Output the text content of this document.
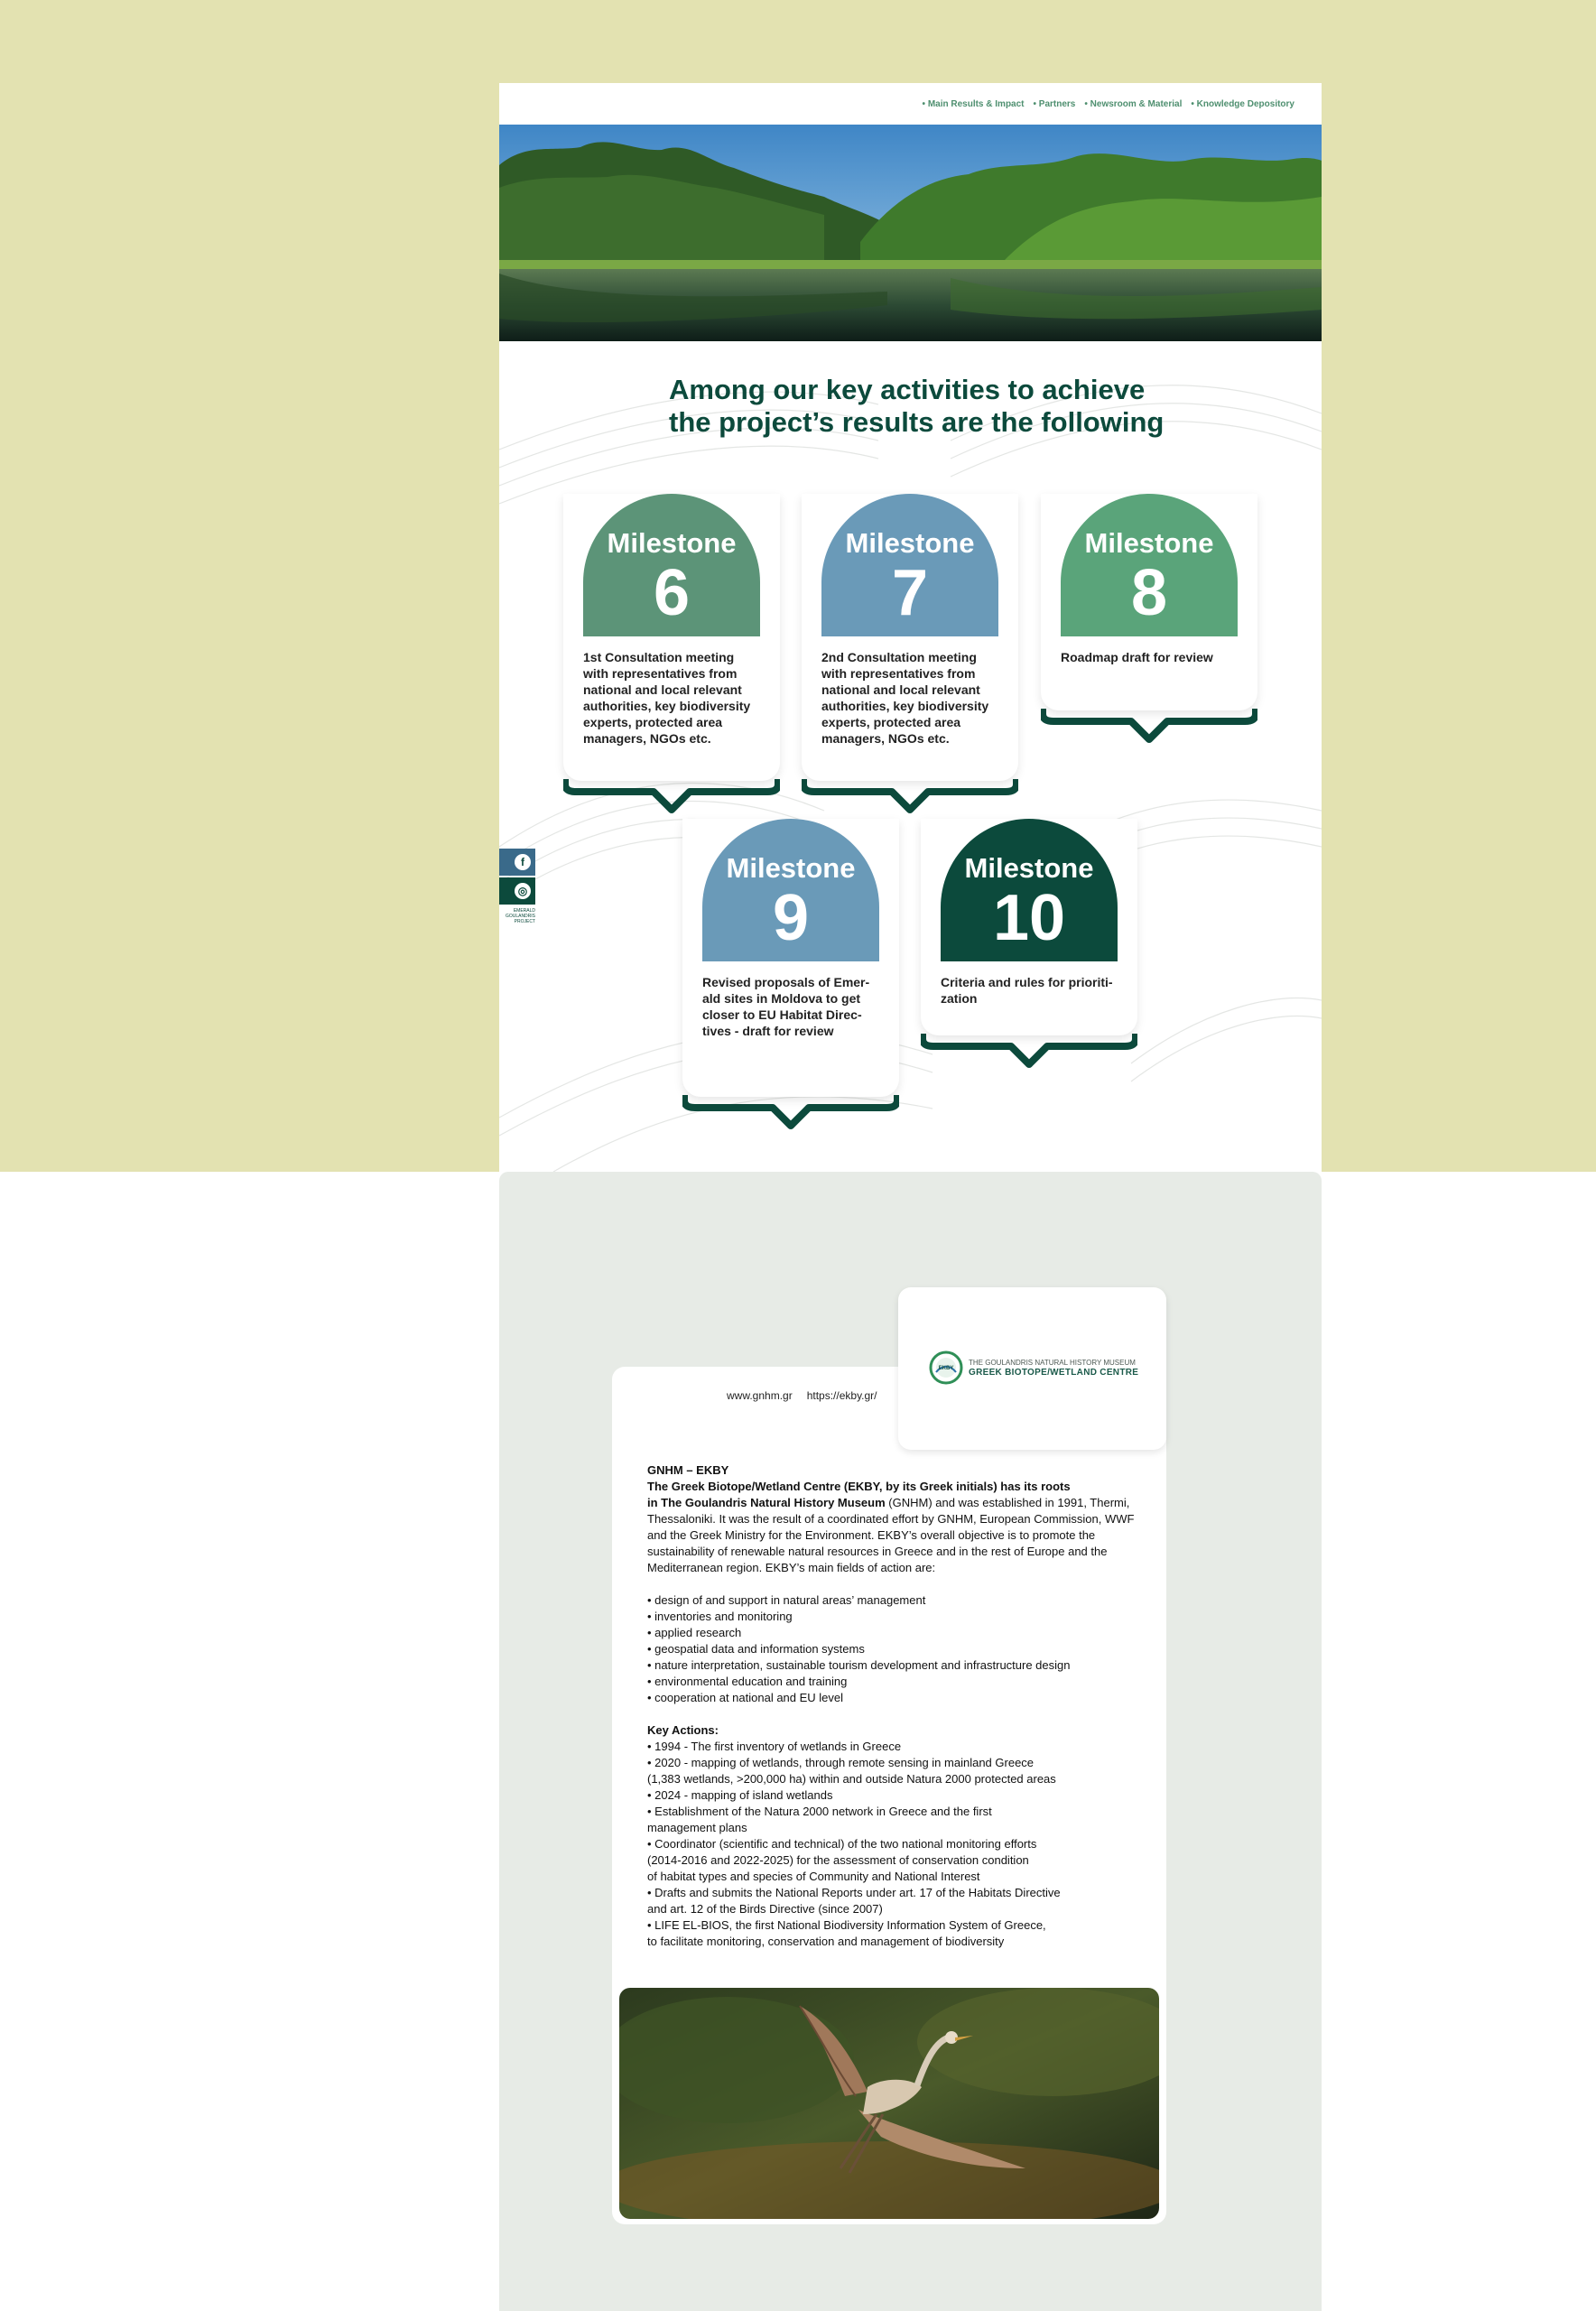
• Main Results & Impact	• Partners	• Newsroom & Material	• Knowledge Depository
Among our key activities to achieve
the project’s results are the following
Milestone
6
1st Consultation meeting
with representatives from
national and local relevant
authorities, key biodiversity
experts, protected area
managers, NGOs etc.
Milestone
7
2nd Consultation meeting
with representatives from
national and local relevant
authorities, key biodiversity
experts, protected area
managers, NGOs etc.
Milestone
8
Roadmap draft for review
Milestone
9
Revised proposals of Emer-
ald sites in Moldova to get
closer to EU Habitat Direc-
tives - draft for review
Milestone
10
Criteria and rules for prioriti-
zation
f
◎
EMERALD
GOULANDRIS
PROJECT
www.gnhm.gr https://ekby.gr/

GNHM – EKBY
The Greek Biotope/Wetland Centre (EKBY, by its Greek initials) has its roots
in The Goulandris Natural History Museum (GNHM) and was established in 1991, Thermi, Thessaloniki. It was the result of a coordinated effort by GNHM, European Commission, WWF and the Greek Ministry for the Environment. EKBY’s overall objective is to promote the sustainability of renewable natural resources in Greece and in the rest of Europe and the Mediterranean region. EKBY’s main fields of action are:

• design of and support in natural areas’ management
• inventories and monitoring
• applied research
• geospatial data and information systems
• nature interpretation, sustainable tourism development and infrastructure design
• environmental education and training
• cooperation at national and EU level

Key Actions:
• 1994 - The first inventory of wetlands in Greece
• 2020 - mapping of wetlands, through remote sensing in mainland Greece
(1,383 wetlands, >200,000 ha) within and outside Natura 2000 protected areas
• 2024 - mapping of island wetlands
• Establishment of the Natura 2000 network in Greece and the first
management plans
• Coordinator (scientific and technical) of the two national monitoring efforts
(2014-2016 and 2022-2025) for the assessment of conservation condition
of habitat types and species of Community and National Interest
• Drafts and submits the National Reports under art. 17 of the Habitats Directive
and art. 12 of the Birds Directive (since 2007)
• LIFE EL-BIOS, the first National Biodiversity Information System of Greece,
to facilitate monitoring, conservation and management of biodiversity
EKBY
THE GOULANDRIS NATURAL HISTORY MUSEUM
GREEK BIOTOPE/WETLAND CENTRE
